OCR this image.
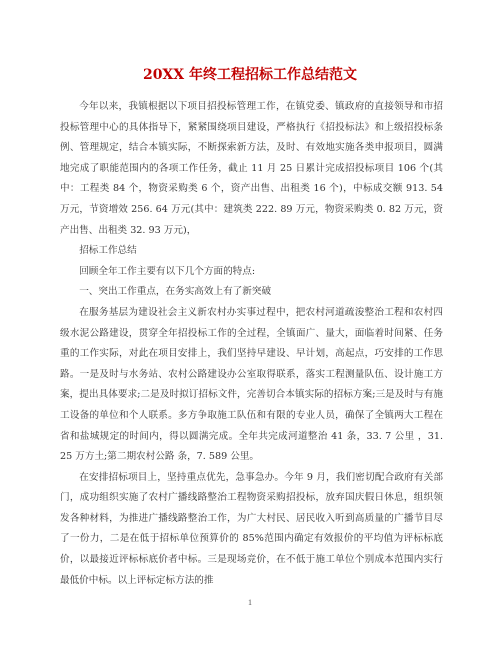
20XX 年终工程招标工作总结范文

今年以来，我镇根据以下项目招投标管理工作，在镇党委、镇政府的直接领导和市招投标管理中心的具体指导下，紧紧围绕项目建设，严格执行《招投标法》和上级招投标条例、管理规定，结合本镇实际，不断探索新方法，及时、有效地实施各类申报项目，圆满地完成了职能范围内的各项工作任务，截止 11 月 25 日累计完成招投标项目 106 个(其中：工程类 84 个，物资采购类 6 个，资产出售、出租类 16 个)，中标成交额 913. 54 万元，节资增效 256. 64 万元(其中：建筑类 222. 89 万元，物资采购类 0. 82 万元，资产出售、出租类 32. 93 万元)，

招标工作总结

回顾全年工作主要有以下几个方面的特点:

一、突出工作重点，在务实高效上有了新突破

在服务基层为建设社会主义新农村办实事过程中，把农村河道疏浚整治工程和农村四级水泥公路建设，贯穿全年招投标工作的全过程，全镇面广、量大，面临着时间紧、任务重的工作实际，对此在项目安排上，我们坚持早建设、早计划，高起点，巧安排的工作思路。一是及时与水务站、农村公路建设办公室取得联系，落实工程测量队伍、设计施工方案，提出具体要求;二是及时拟订招标文件，完善切合本镇实际的招标方案;三是及时与有施工设备的单位和个人联系。多方争取施工队伍和有限的专业人员，确保了全镇两大工程在省和盐城规定的时间内，得以圆满完成。全年共完成河道整治 41 条，33. 7 公里 ，31. 25 万方土;第二期农村公路 条，7. 589 公里。

在安排招标项目上，坚持重点优先，急事急办。今年 9 月，我们密切配合政府有关部门，成功组织实施了农村广播线路整治工程物资采购招投标，放弃国庆假日休息，组织领发各种材料，为推进广播线路整治工作，为广大村民、居民收入听到高质量的广播节目尽了一份力，二是在低于招标单位预算价的 85%范围内确定有效报价的平均值为评标标底价，以最接近评标标底价者中标。三是现场竞价，在不低于施工单位个别成本范围内实行最低价中标。以上评标定标方法的推

1
